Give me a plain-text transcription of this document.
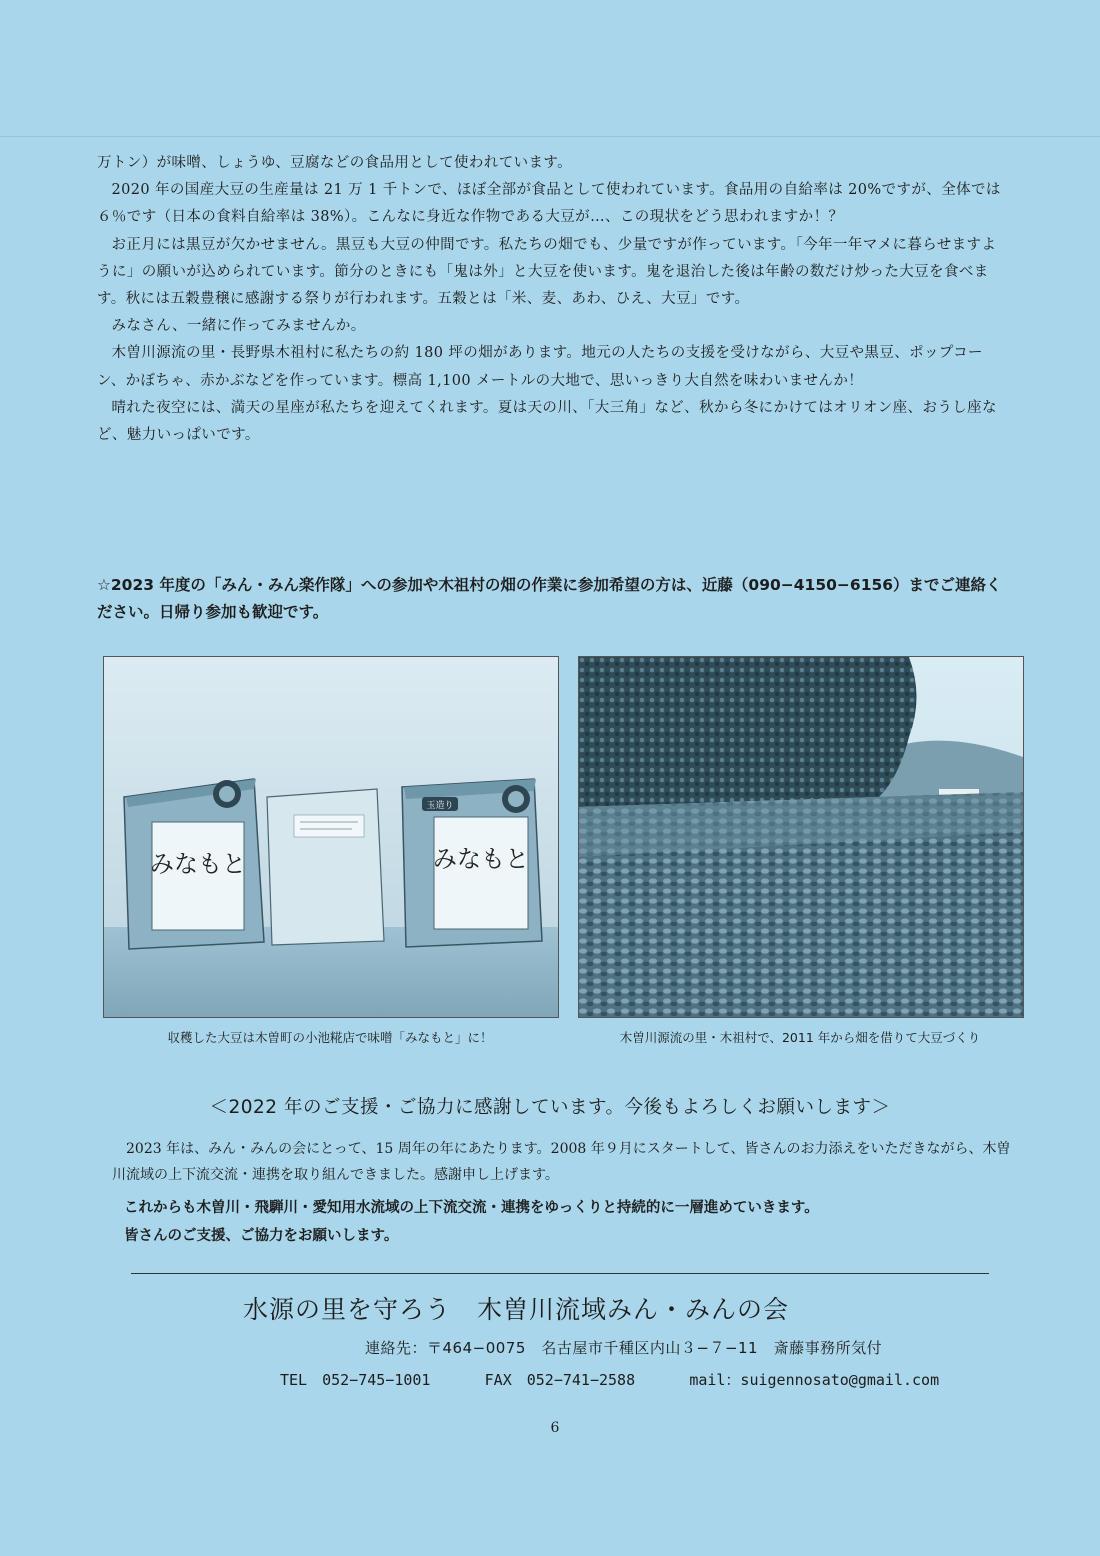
万トン）が味噌、しょうゆ、豆腐などの食品用として使われています。

2020 年の国産大豆の生産量は 21 万 1 千トンで、ほぼ全部が食品として使われています。食品用の自給率は 20%ですが、全体では６％です（日本の食料自給率は 38%）。こんなに身近な作物である大豆が…、この現状をどう思われますか！？

お正月には黒豆が欠かせません。黒豆も大豆の仲間です。私たちの畑でも、少量ですが作っています。「今年一年マメに暮らせますように」の願いが込められています。節分のときにも「鬼は外」と大豆を使います。鬼を退治した後は年齢の数だけ炒った大豆を食べます。秋には五穀豊穣に感謝する祭りが行われます。五穀とは「米、麦、あわ、ひえ、大豆」です。

みなさん、一緒に作ってみませんか。

木曽川源流の里・長野県木祖村に私たちの約 180 坪の畑があります。地元の人たちの支援を受けながら、大豆や黒豆、ポップコーン、かぼちゃ、赤かぶなどを作っています。標高 1,100 メートルの大地で、思いっきり大自然を味わいませんか！

晴れた夜空には、満天の星座が私たちを迎えてくれます。夏は天の川、「大三角」など、秋から冬にかけてはオリオン座、おうし座など、魅力いっぱいです。

☆2023 年度の「みん・みん楽作隊」への参加や木祖村の畑の作業に参加希望の方は、近藤（090−4150−6156）までご連絡ください。日帰り参加も歓迎です。
玉造り
みなもと	みなもと
収穫した大豆は木曽町の小池糀店で味噌「みなもと」に！	木曽川源流の里・木祖村で、2011 年から畑を借りて大豆づくり
＜2022 年のご支援・ご協力に感謝しています。今後もよろしくお願いします＞

2023 年は、みん・みんの会にとって、15 周年の年にあたります。2008 年９月にスタートして、皆さんのお力添えをいただきながら、木曽川流域の上下流交流・連携を取り組んできました。感謝申し上げます。

これからも木曽川・飛騨川・愛知用水流域の上下流交流・連携をゆっくりと持続的に一層進めていきます。

皆さんのご支援、ご協力をお願いします。

水源の里を守ろう　木曽川流域みん・みんの会
連絡先：〒464−0075　名古屋市千種区内山３−７−11　斎藤事務所気付
TEL　052−745−1001	FAX　052−741−2588	mail：suigennosato@gmail.com
6
